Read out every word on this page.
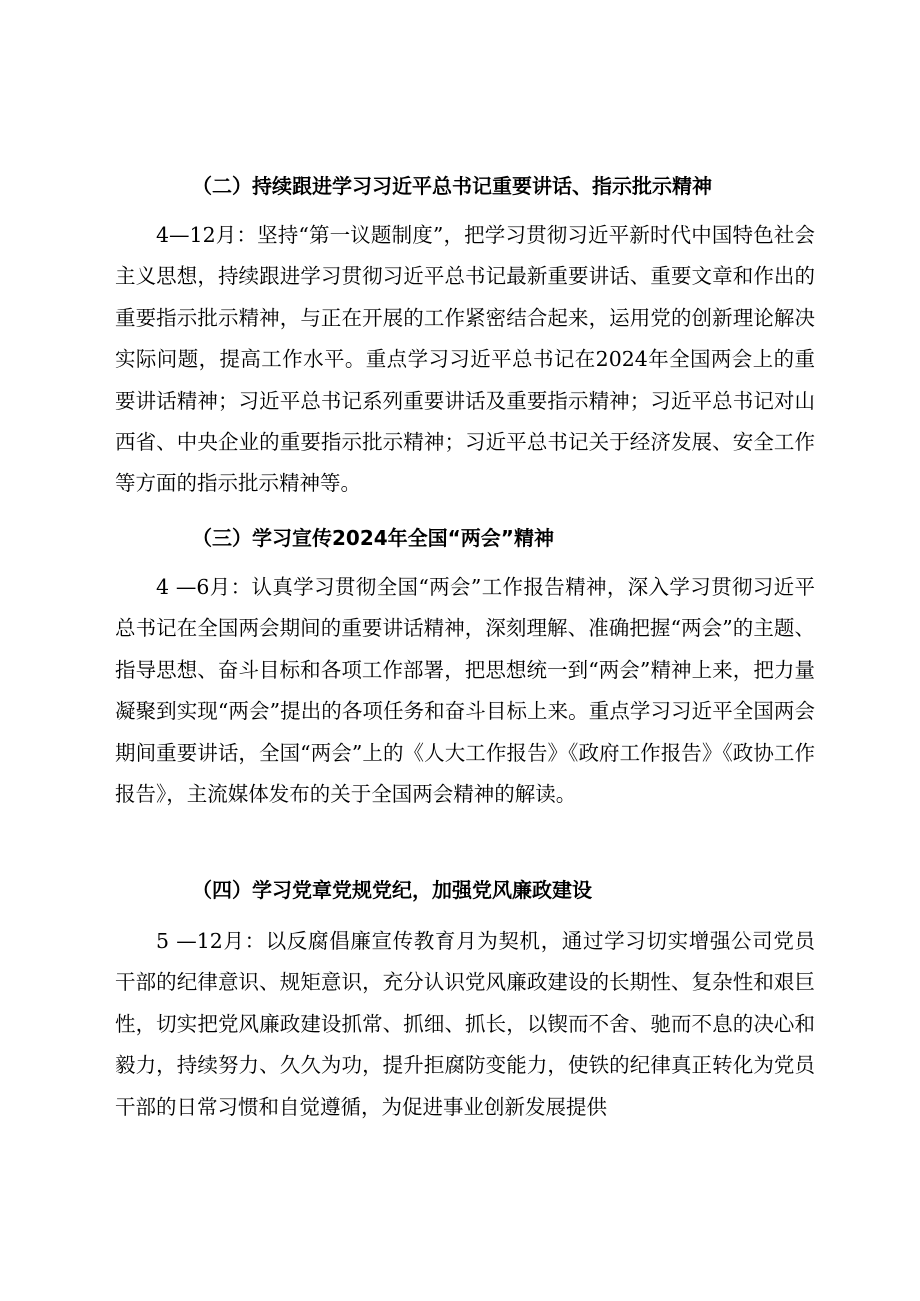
（二）持续跟进学习习近平总书记重要讲话、指示批示精神
4—12月：坚持“第一议题制度”，把学习贯彻习近平新时代中国特色社会主义思想，持续跟进学习贯彻习近平总书记最新重要讲话、重要文章和作出的重要指示批示精神，与正在开展的工作紧密结合起来，运用党的创新理论解决实际问题，提高工作水平。重点学习习近平总书记在2024年全国两会上的重要讲话精神；习近平总书记系列重要讲话及重要指示精神；习近平总书记对山西省、中央企业的重要指示批示精神；习近平总书记关于经济发展、安全工作等方面的指示批示精神等。
（三）学习宣传2024年全国“两会”精神
4 —6月：认真学习贯彻全国“两会”工作报告精神，深入学习贯彻习近平总书记在全国两会期间的重要讲话精神，深刻理解、准确把握“两会”的主题、指导思想、奋斗目标和各项工作部署，把思想统一到“两会”精神上来，把力量凝聚到实现“两会”提出的各项任务和奋斗目标上来。重点学习习近平全国两会期间重要讲话，全国“两会”上的《人大工作报告》《政府工作报告》《政协工作报告》，主流媒体发布的关于全国两会精神的解读。
（四）学习党章党规党纪，加强党风廉政建设
5 —12月：以反腐倡廉宣传教育月为契机，通过学习切实增强公司党员干部的纪律意识、规矩意识，充分认识党风廉政建设的长期性、复杂性和艰巨性，切实把党风廉政建设抓常、抓细、抓长，以锲而不舍、驰而不息的决心和毅力，持续努力、久久为功，提升拒腐防变能力，使铁的纪律真正转化为党员干部的日常习惯和自觉遵循，为促进事业创新发展提供
